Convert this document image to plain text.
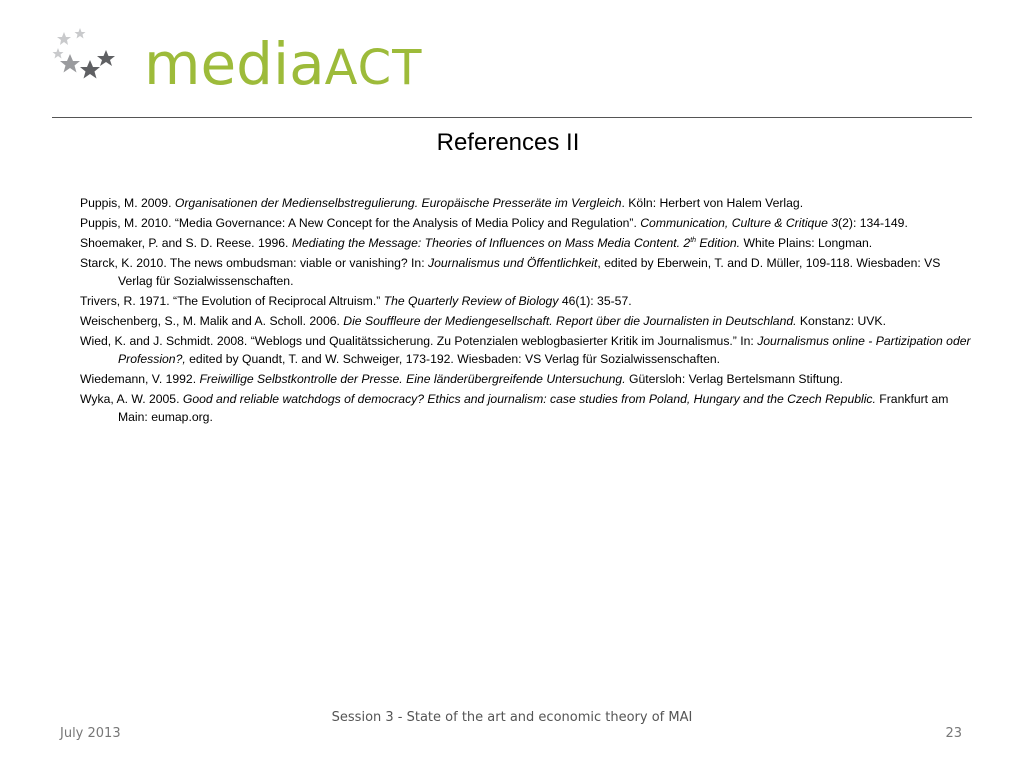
mediaACT
References II
Puppis, M. 2009. Organisationen der Medienselbstregulierung. Europäische Presseräte im Vergleich. Köln: Herbert von Halem Verlag.
Puppis, M. 2010. “Media Governance: A New Concept for the Analysis of Media Policy and Regulation”. Communication, Culture & Critique 3(2): 134-149.
Shoemaker, P. and S. D. Reese. 1996. Mediating the Message: Theories of Influences on Mass Media Content. 2th Edition. White Plains: Longman.
Starck, K. 2010. The news ombudsman: viable or vanishing? In: Journalismus und Öffentlichkeit, edited by Eberwein, T. and D. Müller, 109-118. Wiesbaden: VS Verlag für Sozialwissenschaften.
Trivers, R. 1971. “The Evolution of Reciprocal Altruism.” The Quarterly Review of Biology 46(1): 35-57.
Weischenberg, S., M. Malik and A. Scholl. 2006. Die Souffleure der Mediengesellschaft. Report über die Journalisten in Deutschland. Konstanz: UVK.
Wied, K. and J. Schmidt. 2008. “Weblogs und Qualitätssicherung. Zu Potenzialen weblogbasierter Kritik im Journalismus.” In: Journalismus online - Partizipation oder Profession?, edited by Quandt, T. and W. Schweiger, 173-192. Wiesbaden: VS Verlag für Sozialwissenschaften.
Wiedemann, V. 1992. Freiwillige Selbstkontrolle der Presse. Eine länderübergreifende Untersuchung. Gütersloh: Verlag Bertelsmann Stiftung.
Wyka, A. W. 2005. Good and reliable watchdogs of democracy? Ethics and journalism: case studies from Poland, Hungary and the Czech Republic. Frankfurt am Main: eumap.org.
Session 3 - State of the art and economic theory of MAI
July 2013	23
